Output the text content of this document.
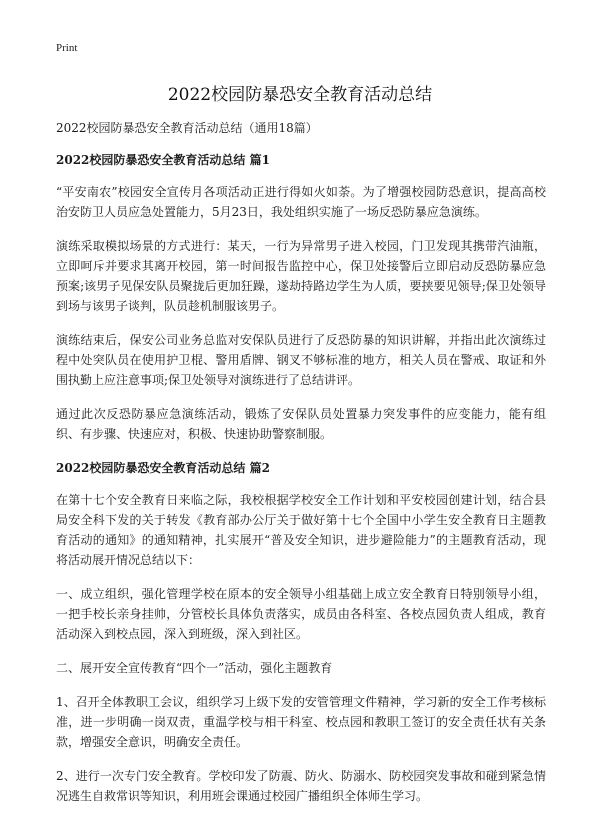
Print
2022校园防暴恐安全教育活动总结

2022校园防暴恐安全教育活动总结（通用18篇）

2022校园防暴恐安全教育活动总结 篇1

“平安南农”校园安全宣传月各项活动正进行得如火如荼。为了增强校园防恐意识，提高高校治安防卫人员应急处置能力，5月23日，我处组织实施了一场反恐防暴应急演练。

演练采取模拟场景的方式进行：某天，一行为异常男子进入校园，门卫发现其携带汽油瓶，立即呵斥并要求其离开校园，第一时间报告监控中心，保卫处接警后立即启动反恐防暴应急预案;该男子见保安队员聚拢后更加狂躁，遂劫持路边学生为人质，要挟要见领导;保卫处领导到场与该男子谈判，队员趁机制服该男子。

演练结束后，保安公司业务总监对安保队员进行了反恐防暴的知识讲解，并指出此次演练过程中处突队员在使用护卫棍、警用盾牌、钢叉不够标准的地方，相关人员在警戒、取证和外围执勤上应注意事项;保卫处领导对演练进行了总结讲评。

通过此次反恐防暴应急演练活动，锻炼了安保队员处置暴力突发事件的应变能力，能有组织、有步骤、快速应对，积极、快速协助警察制服。

2022校园防暴恐安全教育活动总结 篇2

在第十七个安全教育日来临之际，我校根据学校安全工作计划和平安校园创建计划，结合县局安全科下发的关于转发《教育部办公厅关于做好第十七个全国中小学生安全教育日主题教育活动的通知》的通知精神，扎实展开“普及安全知识，进步避险能力”的主题教育活动，现将活动展开情况总结以下：

一、成立组织，强化管理学校在原本的安全领导小组基础上成立安全教育日特别领导小组，一把手校长亲身挂帅，分管校长具体负责落实，成员由各科室、各校点园负责人组成，教育活动深入到校点园，深入到班级，深入到社区。

二、展开安全宣传教育“四个一”活动，强化主题教育

1、召开全体教职工会议，组织学习上级下发的安管管理文件精神，学习新的安全工作考核标准，进一步明确一岗双责，重温学校与相干科室、校点园和教职工签订的安全责任状有关条款，增强安全意识，明确安全责任。

2、进行一次专门安全教育。学校印发了防震、防火、防溺水、防校园突发事故和碰到紧急情况逃生自救常识等知识，利用班会课通过校园广播组织全体师生学习。
